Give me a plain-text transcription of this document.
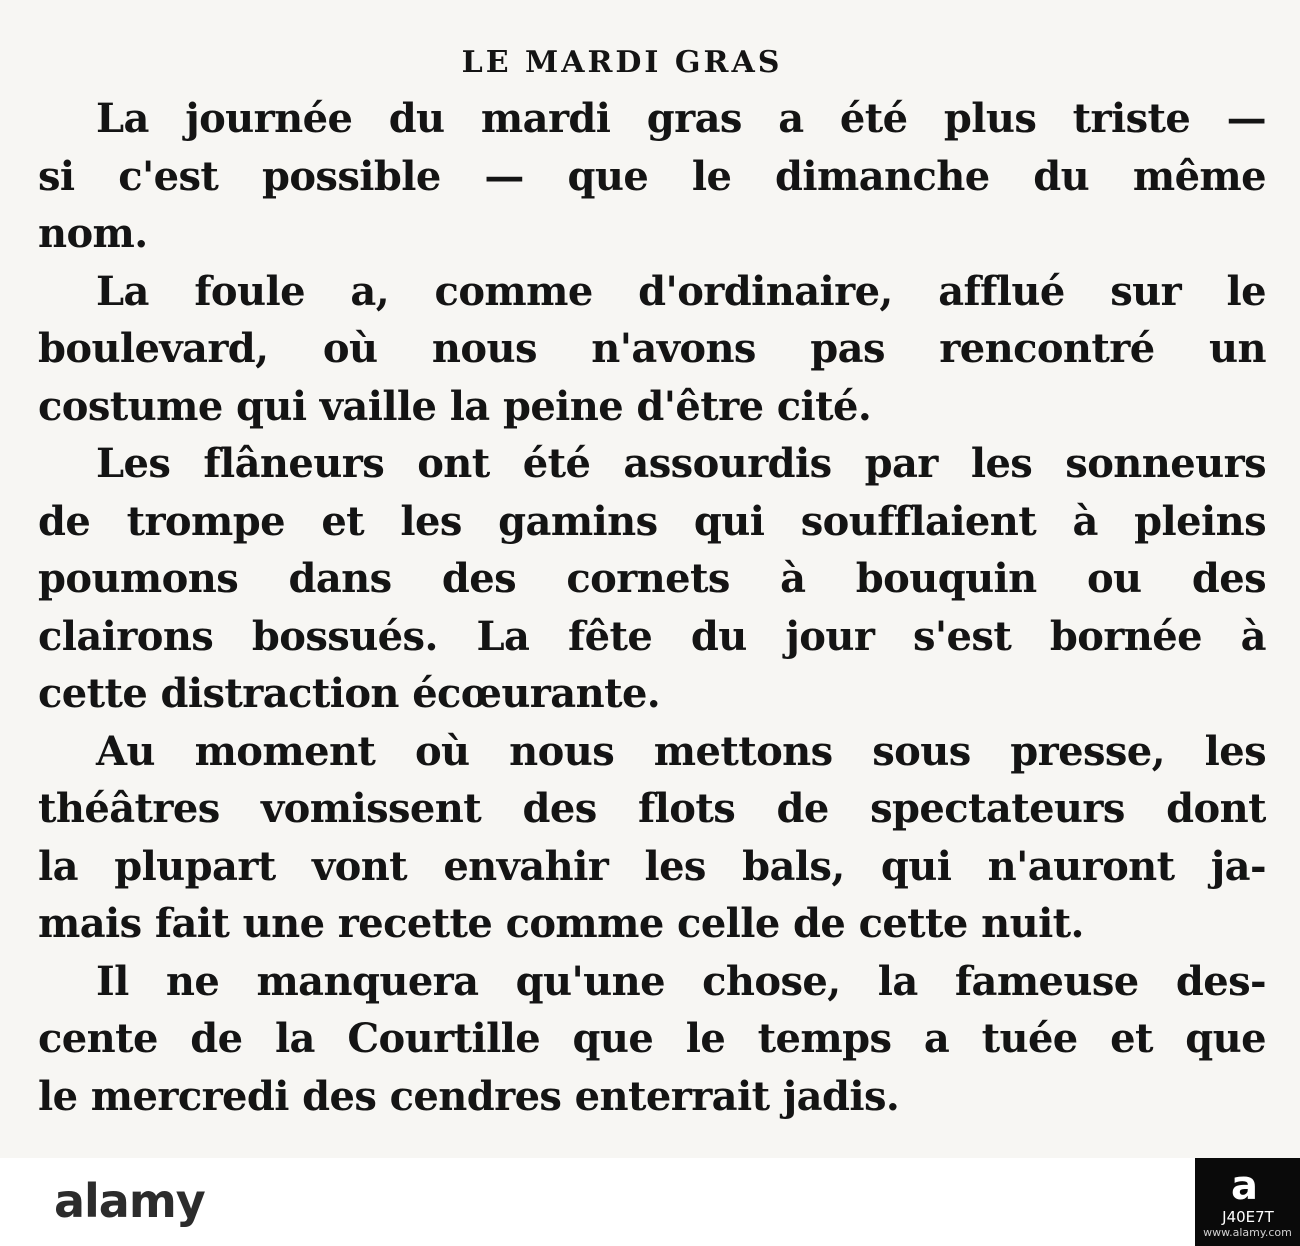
LE MARDI GRAS
La journée du mardi gras a été plus triste —
si c'est possible — que le dimanche du même
nom.
La foule a, comme d'ordinaire, afflué sur le
boulevard, où nous n'avons pas rencontré un
costume qui vaille la peine d'être cité.
Les flâneurs ont été assourdis par les sonneurs
de trompe et les gamins qui soufflaient à pleins
poumons dans des cornets à bouquin ou des
clairons bossués. La fête du jour s'est bornée à
cette distraction écœurante.
Au moment où nous mettons sous presse, les
théâtres vomissent des flots de spectateurs dont
la plupart vont envahir les bals, qui n'auront ja-
mais fait une recette comme celle de cette nuit.
Il ne manquera qu'une chose, la fameuse des-
cente de la Courtille que le temps a tuée et que
le mercredi des cendres enterrait jadis.
alamy	a
J40E7T
www.alamy.com
